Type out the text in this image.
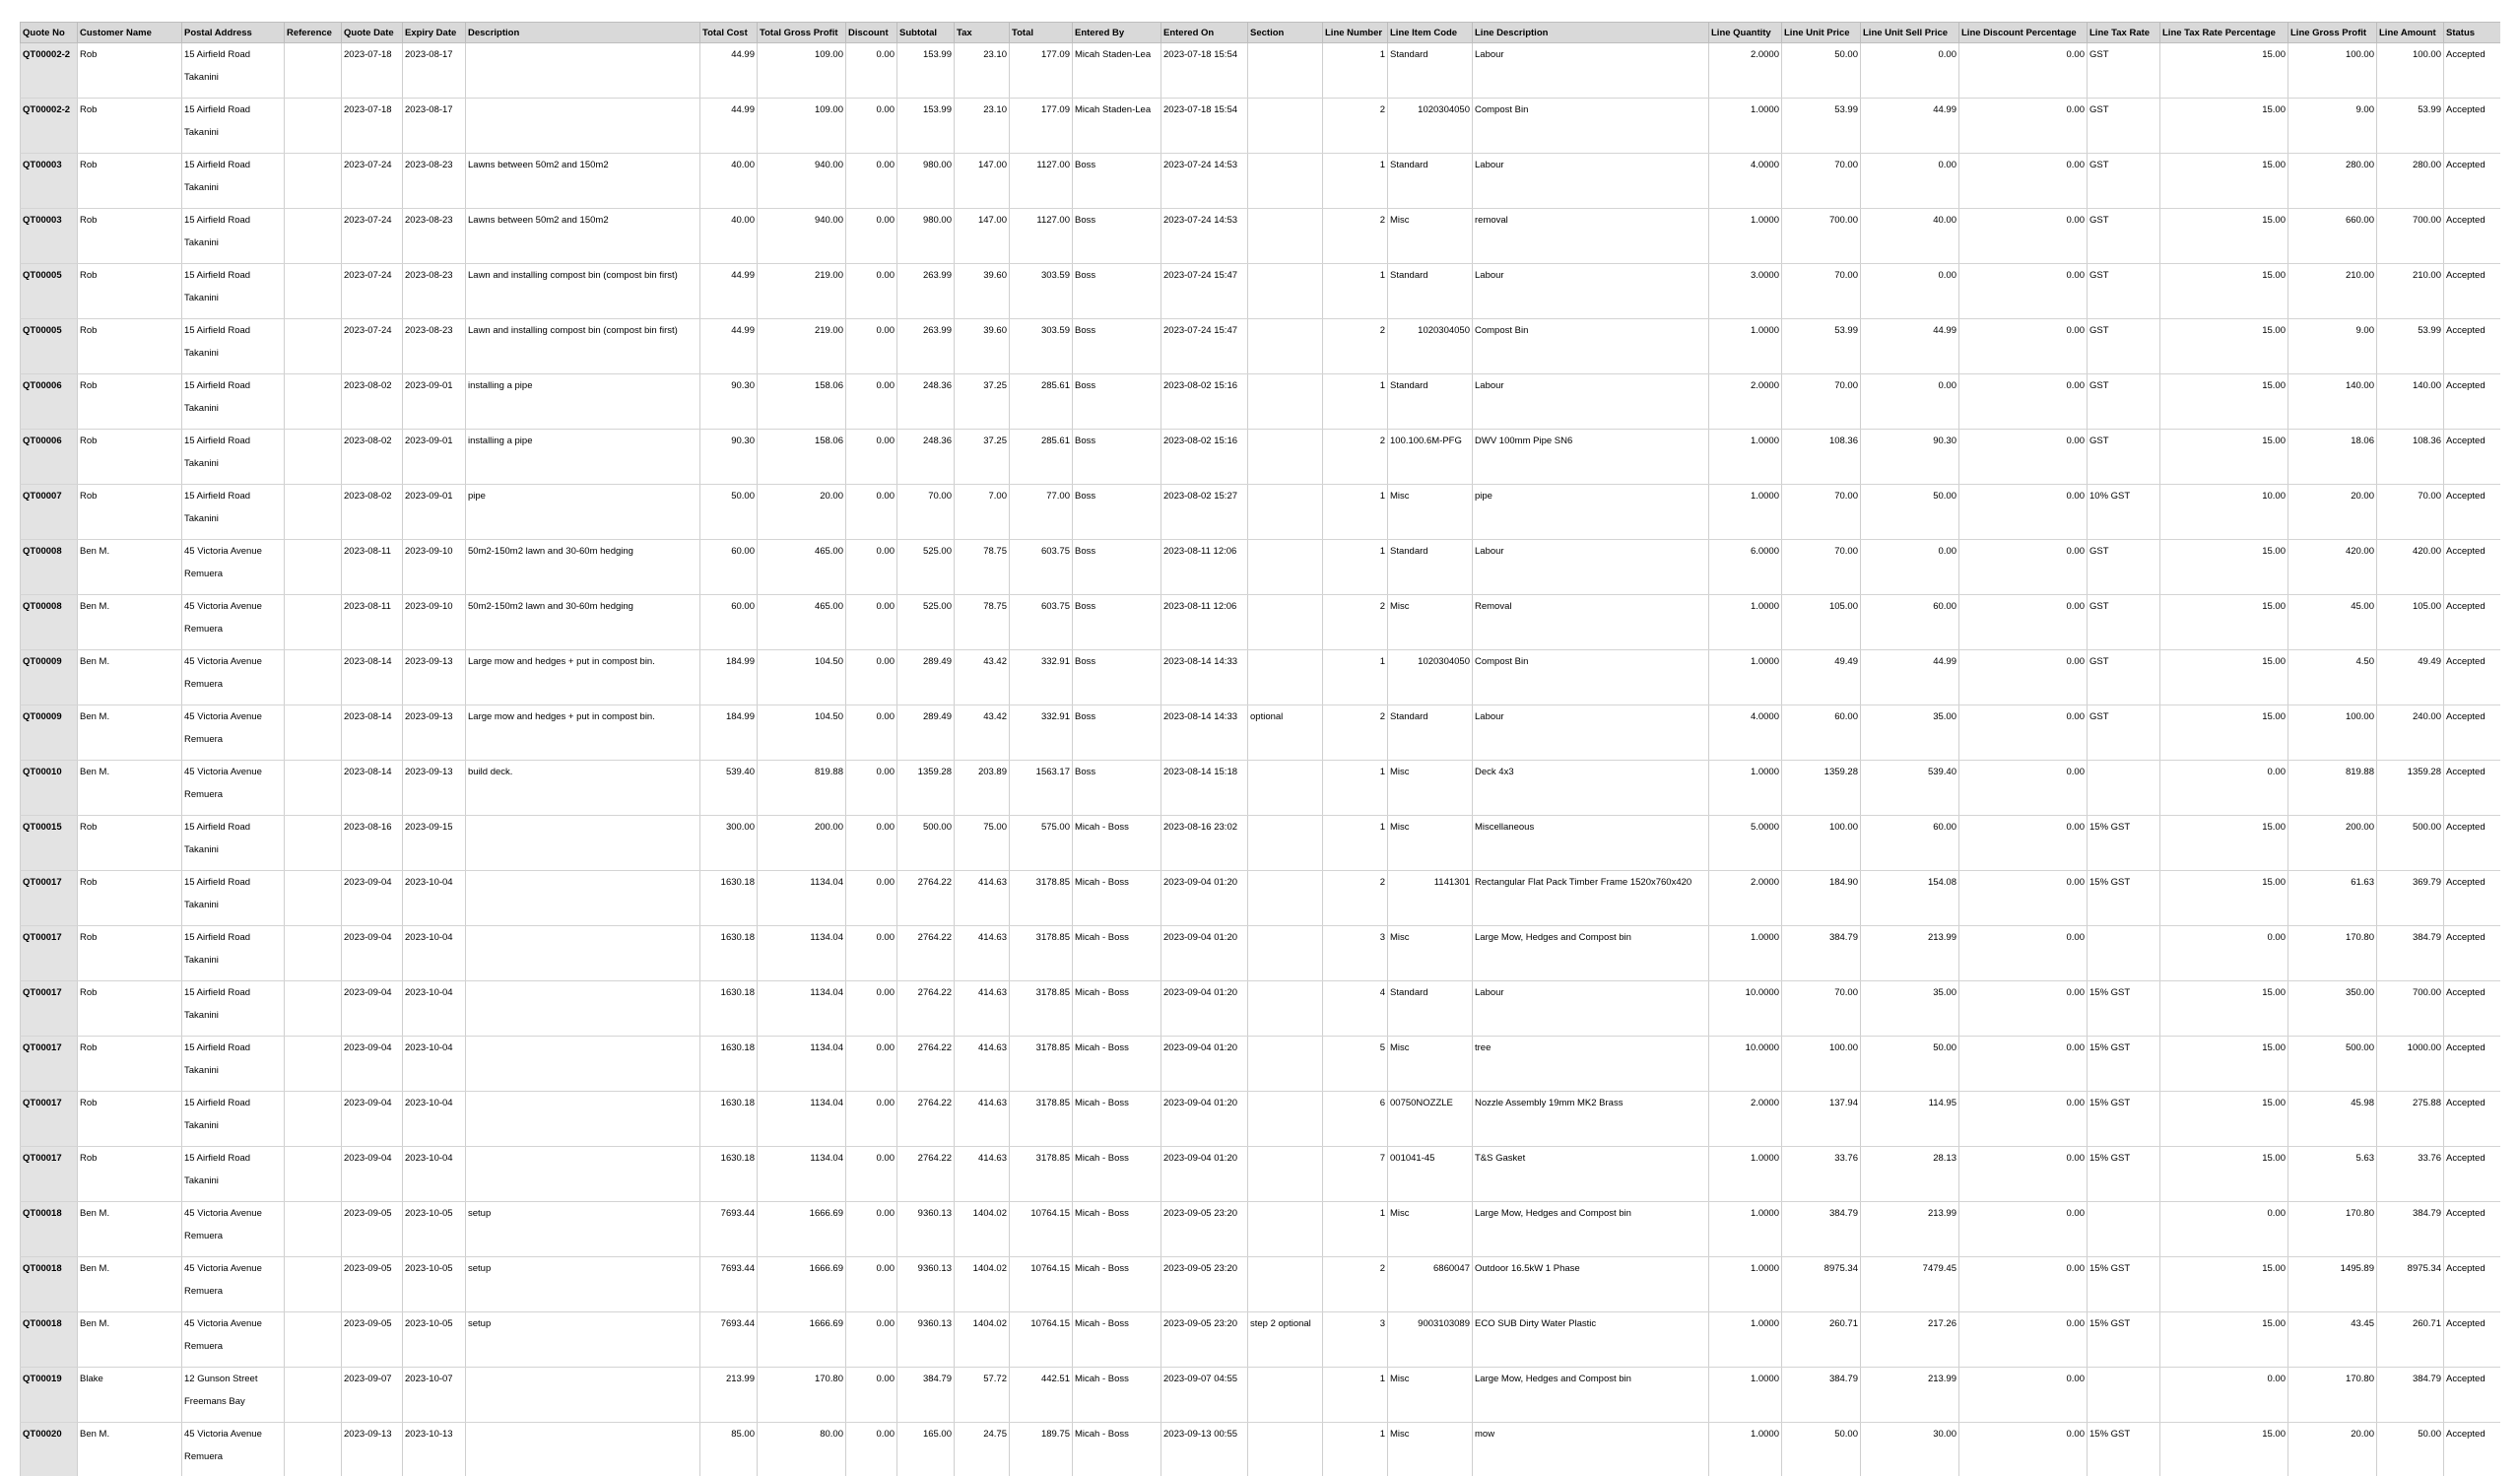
Quote No	Customer Name	Postal Address	Reference	Quote Date	Expiry Date	Description	Total Cost	Total Gross Profit	Discount	Subtotal	Tax	Total	Entered By	Entered On	Section	Line Number	Line Item Code	Line Description	Line Quantity	Line Unit Price	Line Unit Sell Price	Line Discount Percentage	Line Tax Rate	Line Tax Rate Percentage	Line Gross Profit	Line Amount	Status
QT00002-2	Rob	15 Airfield Road
Takanini		2023-07-18	2023-08-17		44.99	109.00	0.00	153.99	23.10	177.09	Micah Staden-Lea	2023-07-18 15:54		1	Standard	Labour	2.0000	50.00	0.00	0.00	GST	15.00	100.00	100.00	Accepted
QT00002-2	Rob	15 Airfield Road
Takanini		2023-07-18	2023-08-17		44.99	109.00	0.00	153.99	23.10	177.09	Micah Staden-Lea	2023-07-18 15:54		2	1020304050	Compost Bin	1.0000	53.99	44.99	0.00	GST	15.00	9.00	53.99	Accepted
QT00003	Rob	15 Airfield Road
Takanini		2023-07-24	2023-08-23	Lawns between 50m2 and 150m2	40.00	940.00	0.00	980.00	147.00	1127.00	Boss	2023-07-24 14:53		1	Standard	Labour	4.0000	70.00	0.00	0.00	GST	15.00	280.00	280.00	Accepted
QT00003	Rob	15 Airfield Road
Takanini		2023-07-24	2023-08-23	Lawns between 50m2 and 150m2	40.00	940.00	0.00	980.00	147.00	1127.00	Boss	2023-07-24 14:53		2	Misc	removal	1.0000	700.00	40.00	0.00	GST	15.00	660.00	700.00	Accepted
QT00005	Rob	15 Airfield Road
Takanini		2023-07-24	2023-08-23	Lawn and installing compost bin (compost bin first)	44.99	219.00	0.00	263.99	39.60	303.59	Boss	2023-07-24 15:47		1	Standard	Labour	3.0000	70.00	0.00	0.00	GST	15.00	210.00	210.00	Accepted
QT00005	Rob	15 Airfield Road
Takanini		2023-07-24	2023-08-23	Lawn and installing compost bin (compost bin first)	44.99	219.00	0.00	263.99	39.60	303.59	Boss	2023-07-24 15:47		2	1020304050	Compost Bin	1.0000	53.99	44.99	0.00	GST	15.00	9.00	53.99	Accepted
QT00006	Rob	15 Airfield Road
Takanini		2023-08-02	2023-09-01	installing a pipe	90.30	158.06	0.00	248.36	37.25	285.61	Boss	2023-08-02 15:16		1	Standard	Labour	2.0000	70.00	0.00	0.00	GST	15.00	140.00	140.00	Accepted
QT00006	Rob	15 Airfield Road
Takanini		2023-08-02	2023-09-01	installing a pipe	90.30	158.06	0.00	248.36	37.25	285.61	Boss	2023-08-02 15:16		2	100.100.6M-PFG	DWV 100mm Pipe SN6	1.0000	108.36	90.30	0.00	GST	15.00	18.06	108.36	Accepted
QT00007	Rob	15 Airfield Road
Takanini		2023-08-02	2023-09-01	pipe	50.00	20.00	0.00	70.00	7.00	77.00	Boss	2023-08-02 15:27		1	Misc	pipe	1.0000	70.00	50.00	0.00	10% GST	10.00	20.00	70.00	Accepted
QT00008	Ben M.	45 Victoria Avenue
Remuera		2023-08-11	2023-09-10	50m2-150m2 lawn and 30-60m hedging	60.00	465.00	0.00	525.00	78.75	603.75	Boss	2023-08-11 12:06		1	Standard	Labour	6.0000	70.00	0.00	0.00	GST	15.00	420.00	420.00	Accepted
QT00008	Ben M.	45 Victoria Avenue
Remuera		2023-08-11	2023-09-10	50m2-150m2 lawn and 30-60m hedging	60.00	465.00	0.00	525.00	78.75	603.75	Boss	2023-08-11 12:06		2	Misc	Removal	1.0000	105.00	60.00	0.00	GST	15.00	45.00	105.00	Accepted
QT00009	Ben M.	45 Victoria Avenue
Remuera		2023-08-14	2023-09-13	Large mow and hedges + put in compost bin.	184.99	104.50	0.00	289.49	43.42	332.91	Boss	2023-08-14 14:33		1	1020304050	Compost Bin	1.0000	49.49	44.99	0.00	GST	15.00	4.50	49.49	Accepted
QT00009	Ben M.	45 Victoria Avenue
Remuera		2023-08-14	2023-09-13	Large mow and hedges + put in compost bin.	184.99	104.50	0.00	289.49	43.42	332.91	Boss	2023-08-14 14:33	optional	2	Standard	Labour	4.0000	60.00	35.00	0.00	GST	15.00	100.00	240.00	Accepted
QT00010	Ben M.	45 Victoria Avenue
Remuera		2023-08-14	2023-09-13	build deck.	539.40	819.88	0.00	1359.28	203.89	1563.17	Boss	2023-08-14 15:18		1	Misc	Deck 4x3	1.0000	1359.28	539.40	0.00		0.00	819.88	1359.28	Accepted
QT00015	Rob	15 Airfield Road
Takanini		2023-08-16	2023-09-15		300.00	200.00	0.00	500.00	75.00	575.00	Micah - Boss	2023-08-16 23:02		1	Misc	Miscellaneous	5.0000	100.00	60.00	0.00	15% GST	15.00	200.00	500.00	Accepted
QT00017	Rob	15 Airfield Road
Takanini		2023-09-04	2023-10-04		1630.18	1134.04	0.00	2764.22	414.63	3178.85	Micah - Boss	2023-09-04 01:20		2	1141301	Rectangular Flat Pack Timber Frame 1520x760x420	2.0000	184.90	154.08	0.00	15% GST	15.00	61.63	369.79	Accepted
QT00017	Rob	15 Airfield Road
Takanini		2023-09-04	2023-10-04		1630.18	1134.04	0.00	2764.22	414.63	3178.85	Micah - Boss	2023-09-04 01:20		3	Misc	Large Mow, Hedges and Compost bin	1.0000	384.79	213.99	0.00		0.00	170.80	384.79	Accepted
QT00017	Rob	15 Airfield Road
Takanini		2023-09-04	2023-10-04		1630.18	1134.04	0.00	2764.22	414.63	3178.85	Micah - Boss	2023-09-04 01:20		4	Standard	Labour	10.0000	70.00	35.00	0.00	15% GST	15.00	350.00	700.00	Accepted
QT00017	Rob	15 Airfield Road
Takanini		2023-09-04	2023-10-04		1630.18	1134.04	0.00	2764.22	414.63	3178.85	Micah - Boss	2023-09-04 01:20		5	Misc	tree	10.0000	100.00	50.00	0.00	15% GST	15.00	500.00	1000.00	Accepted
QT00017	Rob	15 Airfield Road
Takanini		2023-09-04	2023-10-04		1630.18	1134.04	0.00	2764.22	414.63	3178.85	Micah - Boss	2023-09-04 01:20		6	00750NOZZLE	Nozzle Assembly 19mm MK2 Brass	2.0000	137.94	114.95	0.00	15% GST	15.00	45.98	275.88	Accepted
QT00017	Rob	15 Airfield Road
Takanini		2023-09-04	2023-10-04		1630.18	1134.04	0.00	2764.22	414.63	3178.85	Micah - Boss	2023-09-04 01:20		7	001041-45	T&S Gasket	1.0000	33.76	28.13	0.00	15% GST	15.00	5.63	33.76	Accepted
QT00018	Ben M.	45 Victoria Avenue
Remuera		2023-09-05	2023-10-05	setup	7693.44	1666.69	0.00	9360.13	1404.02	10764.15	Micah - Boss	2023-09-05 23:20		1	Misc	Large Mow, Hedges and Compost bin	1.0000	384.79	213.99	0.00		0.00	170.80	384.79	Accepted
QT00018	Ben M.	45 Victoria Avenue
Remuera		2023-09-05	2023-10-05	setup	7693.44	1666.69	0.00	9360.13	1404.02	10764.15	Micah - Boss	2023-09-05 23:20		2	6860047	Outdoor 16.5kW 1 Phase	1.0000	8975.34	7479.45	0.00	15% GST	15.00	1495.89	8975.34	Accepted
QT00018	Ben M.	45 Victoria Avenue
Remuera		2023-09-05	2023-10-05	setup	7693.44	1666.69	0.00	9360.13	1404.02	10764.15	Micah - Boss	2023-09-05 23:20	step 2 optional	3	9003103089	ECO SUB Dirty Water Plastic	1.0000	260.71	217.26	0.00	15% GST	15.00	43.45	260.71	Accepted
QT00019	Blake	12 Gunson Street
Freemans Bay		2023-09-07	2023-10-07		213.99	170.80	0.00	384.79	57.72	442.51	Micah - Boss	2023-09-07 04:55		1	Misc	Large Mow, Hedges and Compost bin	1.0000	384.79	213.99	0.00		0.00	170.80	384.79	Accepted
QT00020	Ben M.	45 Victoria Avenue
Remuera		2023-09-13	2023-10-13		85.00	80.00	0.00	165.00	24.75	189.75	Micah - Boss	2023-09-13 00:55		1	Misc	mow	1.0000	50.00	30.00	0.00	15% GST	15.00	20.00	50.00	Accepted
